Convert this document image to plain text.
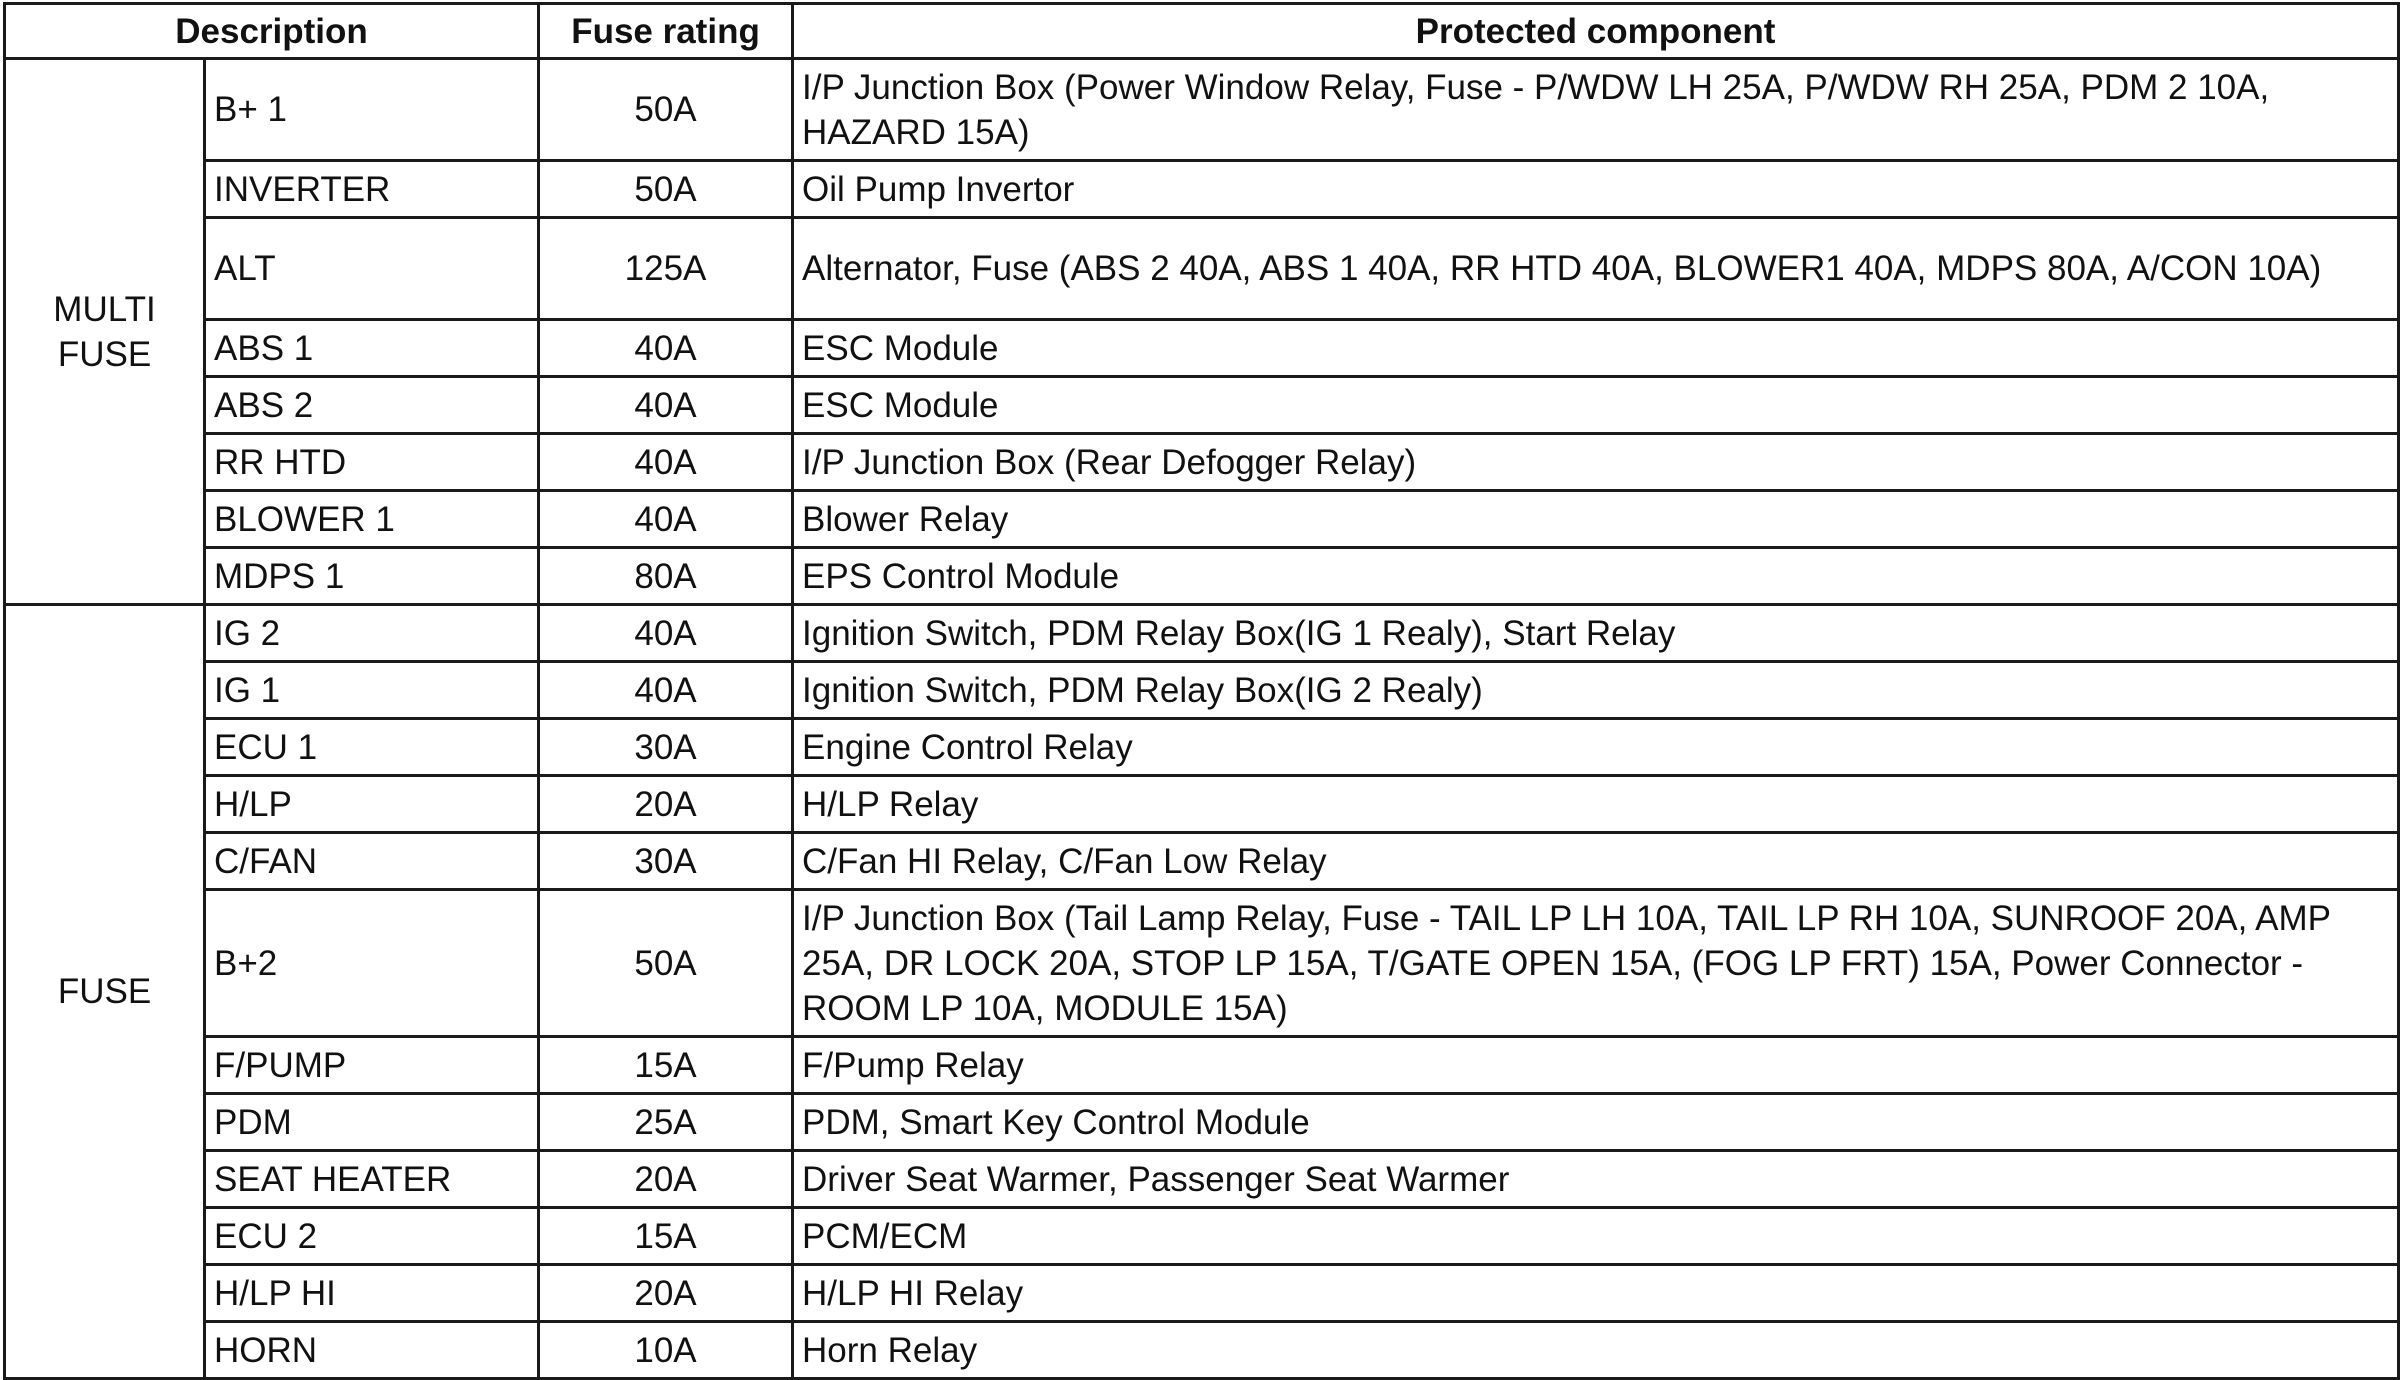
Description		Fuse rating	Protected component
MULTI
FUSE	B+ 1	50A	I/P Junction Box (Power Window Relay, Fuse - P/WDW LH 25A, P/WDW RH 25A, PDM 2 10A, HAZARD 15A)
	INVERTER	50A	Oil Pump Invertor
	ALT	125A	Alternator, Fuse (ABS 2 40A, ABS 1 40A, RR HTD 40A, BLOWER1 40A, MDPS 80A, A/CON 10A)
	ABS 1	40A	ESC Module
	ABS 2	40A	ESC Module
	RR HTD	40A	I/P Junction Box (Rear Defogger Relay)
	BLOWER 1	40A	Blower Relay
	MDPS 1	80A	EPS Control Module
FUSE	IG 2	40A	Ignition Switch, PDM Relay Box(IG 1 Realy), Start Relay
	IG 1	40A	Ignition Switch, PDM Relay Box(IG 2 Realy)
	ECU 1	30A	Engine Control Relay
	H/LP	20A	H/LP Relay
	C/FAN	30A	C/Fan HI Relay, C/Fan Low Relay
	B+2	50A	I/P Junction Box (Tail Lamp Relay, Fuse - TAIL LP LH 10A, TAIL LP RH 10A, SUNROOF 20A, AMP 25A, DR LOCK 20A, STOP LP 15A, T/GATE OPEN 15A, (FOG LP FRT) 15A, Power Connector - ROOM LP 10A, MODULE 15A)
	F/PUMP	15A	F/Pump Relay
	PDM	25A	PDM, Smart Key Control Module
	SEAT HEATER	20A	Driver Seat Warmer, Passenger Seat Warmer
	ECU 2	15A	PCM/ECM
	H/LP HI	20A	H/LP HI Relay
	HORN	10A	Horn Relay
